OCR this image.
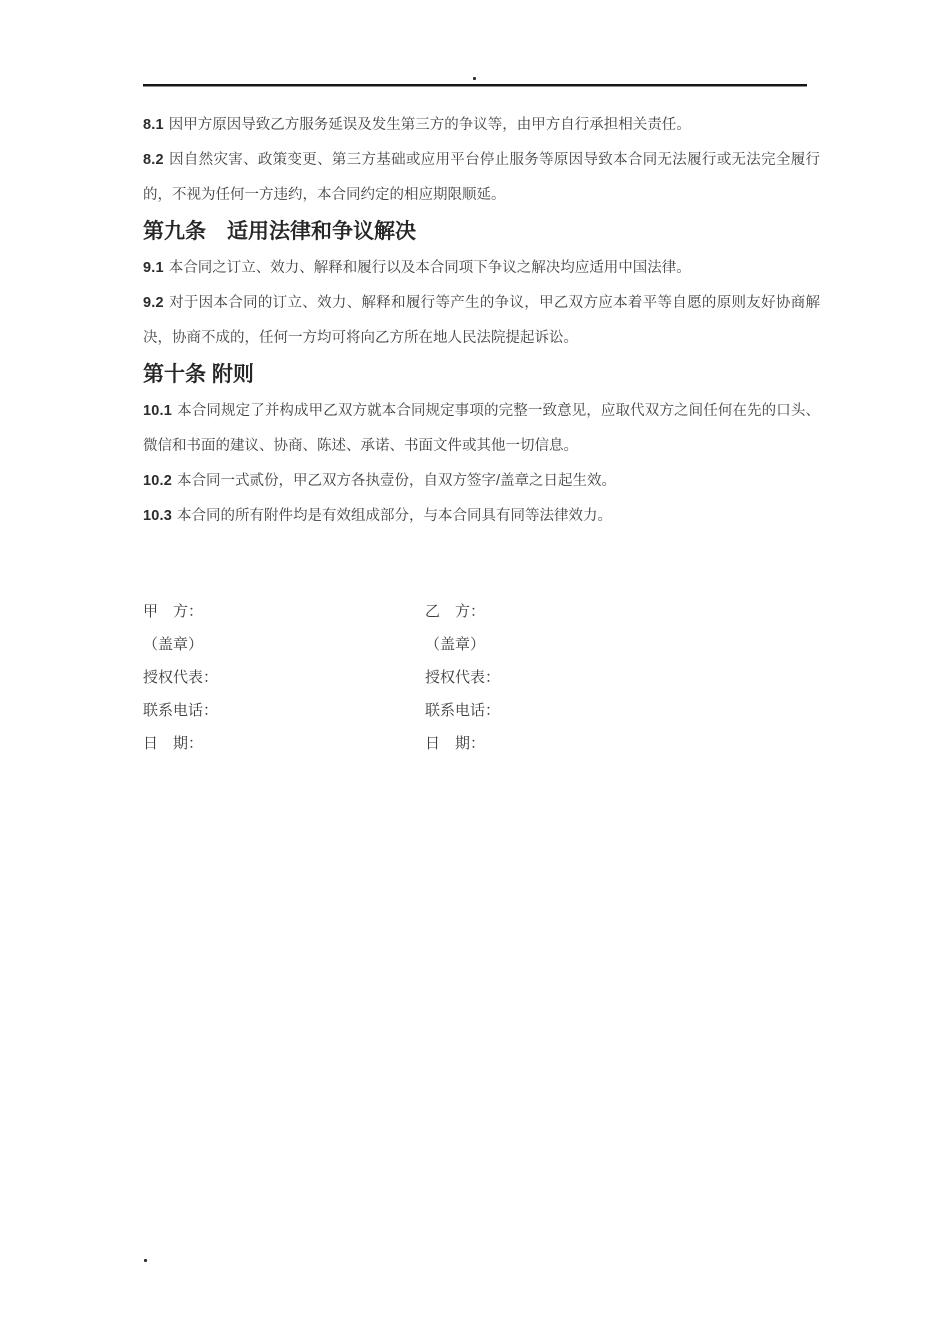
8.1 因甲方原因导致乙方服务延误及发生第三方的争议等，由甲方自行承担相关责任。
8.2 因自然灾害、政策变更、第三方基础或应用平台停止服务等原因导致本合同无法履行或无法完全履行
的，不视为任何一方违约，本合同约定的相应期限顺延。
第九条　适用法律和争议解决
9.1 本合同之订立、效力、解释和履行以及本合同项下争议之解决均应适用中国法律。
9.2 对于因本合同的订立、效力、解释和履行等产生的争议，甲乙双方应本着平等自愿的原则友好协商解
决，协商不成的，任何一方均可将向乙方所在地人民法院提起诉讼。
第十条 附则
10.1 本合同规定了并构成甲乙双方就本合同规定事项的完整一致意见，应取代双方之间任何在先的口头、
微信和书面的建议、协商、陈述、承诺、书面文件或其他一切信息。
10.2 本合同一式贰份，甲乙双方各执壹份，自双方签字/盖章之日起生效。
10.3 本合同的所有附件均是有效组成部分，与本合同具有同等法律效力。
甲　方：	乙　方：
（盖章）	（盖章）
授权代表：	授权代表：
联系电话：	联系电话：
日　期：	日　期：
